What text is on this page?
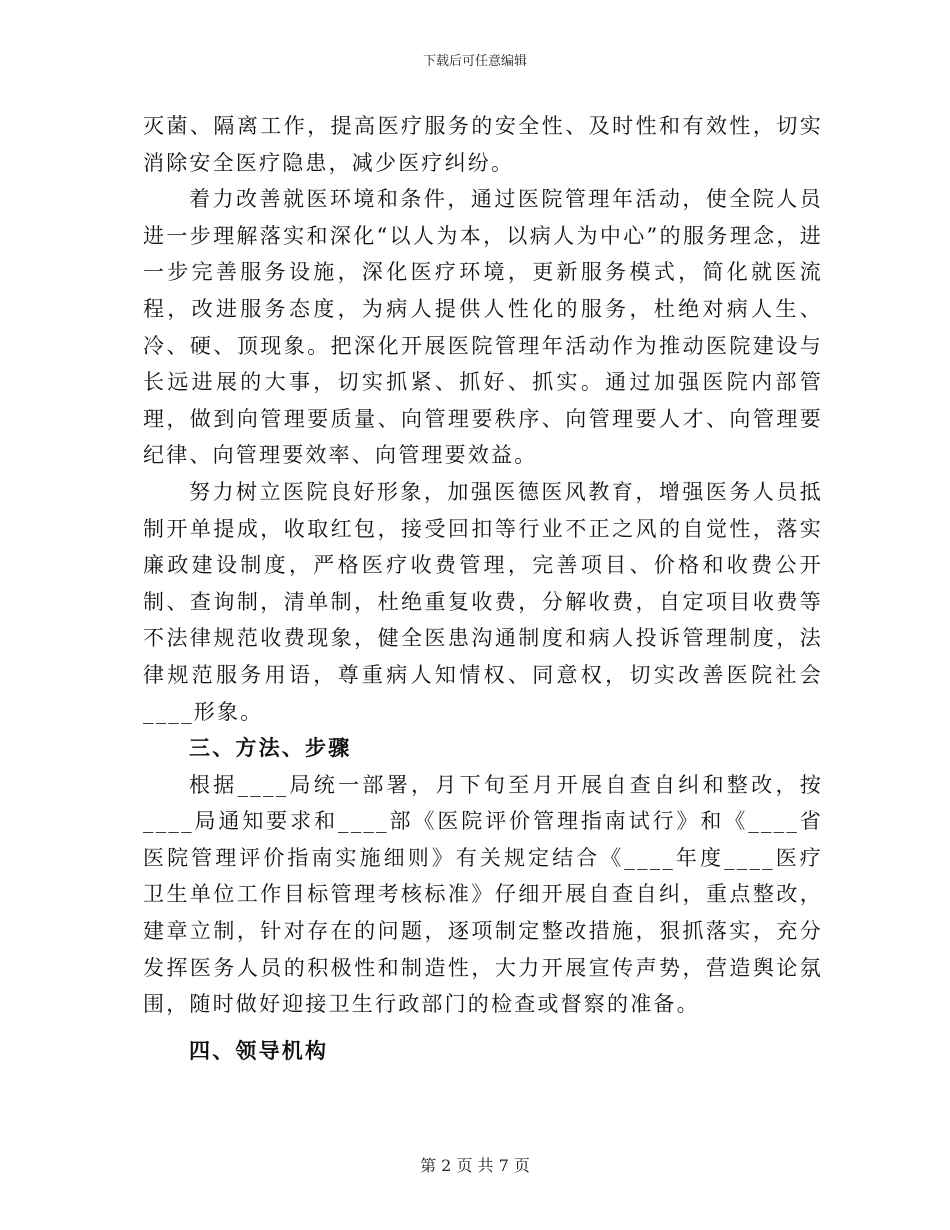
下载后可任意编辑

灭菌、隔离工作，提高医疗服务的安全性、及时性和有效性，切实消除安全医疗隐患，减少医疗纠纷。

着力改善就医环境和条件，通过医院管理年活动，使全院人员进一步理解落实和深化“以人为本，以病人为中心”的服务理念，进一步完善服务设施，深化医疗环境，更新服务模式，简化就医流程，改进服务态度，为病人提供人性化的服务，杜绝对病人生、冷、硬、顶现象。把深化开展医院管理年活动作为推动医院建设与长远进展的大事，切实抓紧、抓好、抓实。通过加强医院内部管理，做到向管理要质量、向管理要秩序、向管理要人才、向管理要纪律、向管理要效率、向管理要效益。

努力树立医院良好形象，加强医德医风教育，增强医务人员抵制开单提成，收取红包，接受回扣等行业不正之风的自觉性，落实廉政建设制度，严格医疗收费管理，完善项目、价格和收费公开制、查询制，清单制，杜绝重复收费，分解收费，自定项目收费等不法律规范收费现象，健全医患沟通制度和病人投诉管理制度，法律规范服务用语，尊重病人知情权、同意权，切实改善医院社会____形象。

三、方法、步骤

根据____局统一部署，月下旬至月开展自查自纠和整改，按____局通知要求和____部《医院评价管理指南试行》和《____省医院管理评价指南实施细则》有关规定结合《____年度____医疗卫生单位工作目标管理考核标准》仔细开展自查自纠，重点整改，建章立制，针对存在的问题，逐项制定整改措施，狠抓落实，充分发挥医务人员的积极性和制造性，大力开展宣传声势，营造舆论氛围，随时做好迎接卫生行政部门的检查或督察的准备。

四、领导机构
第 2 页 共 7 页
